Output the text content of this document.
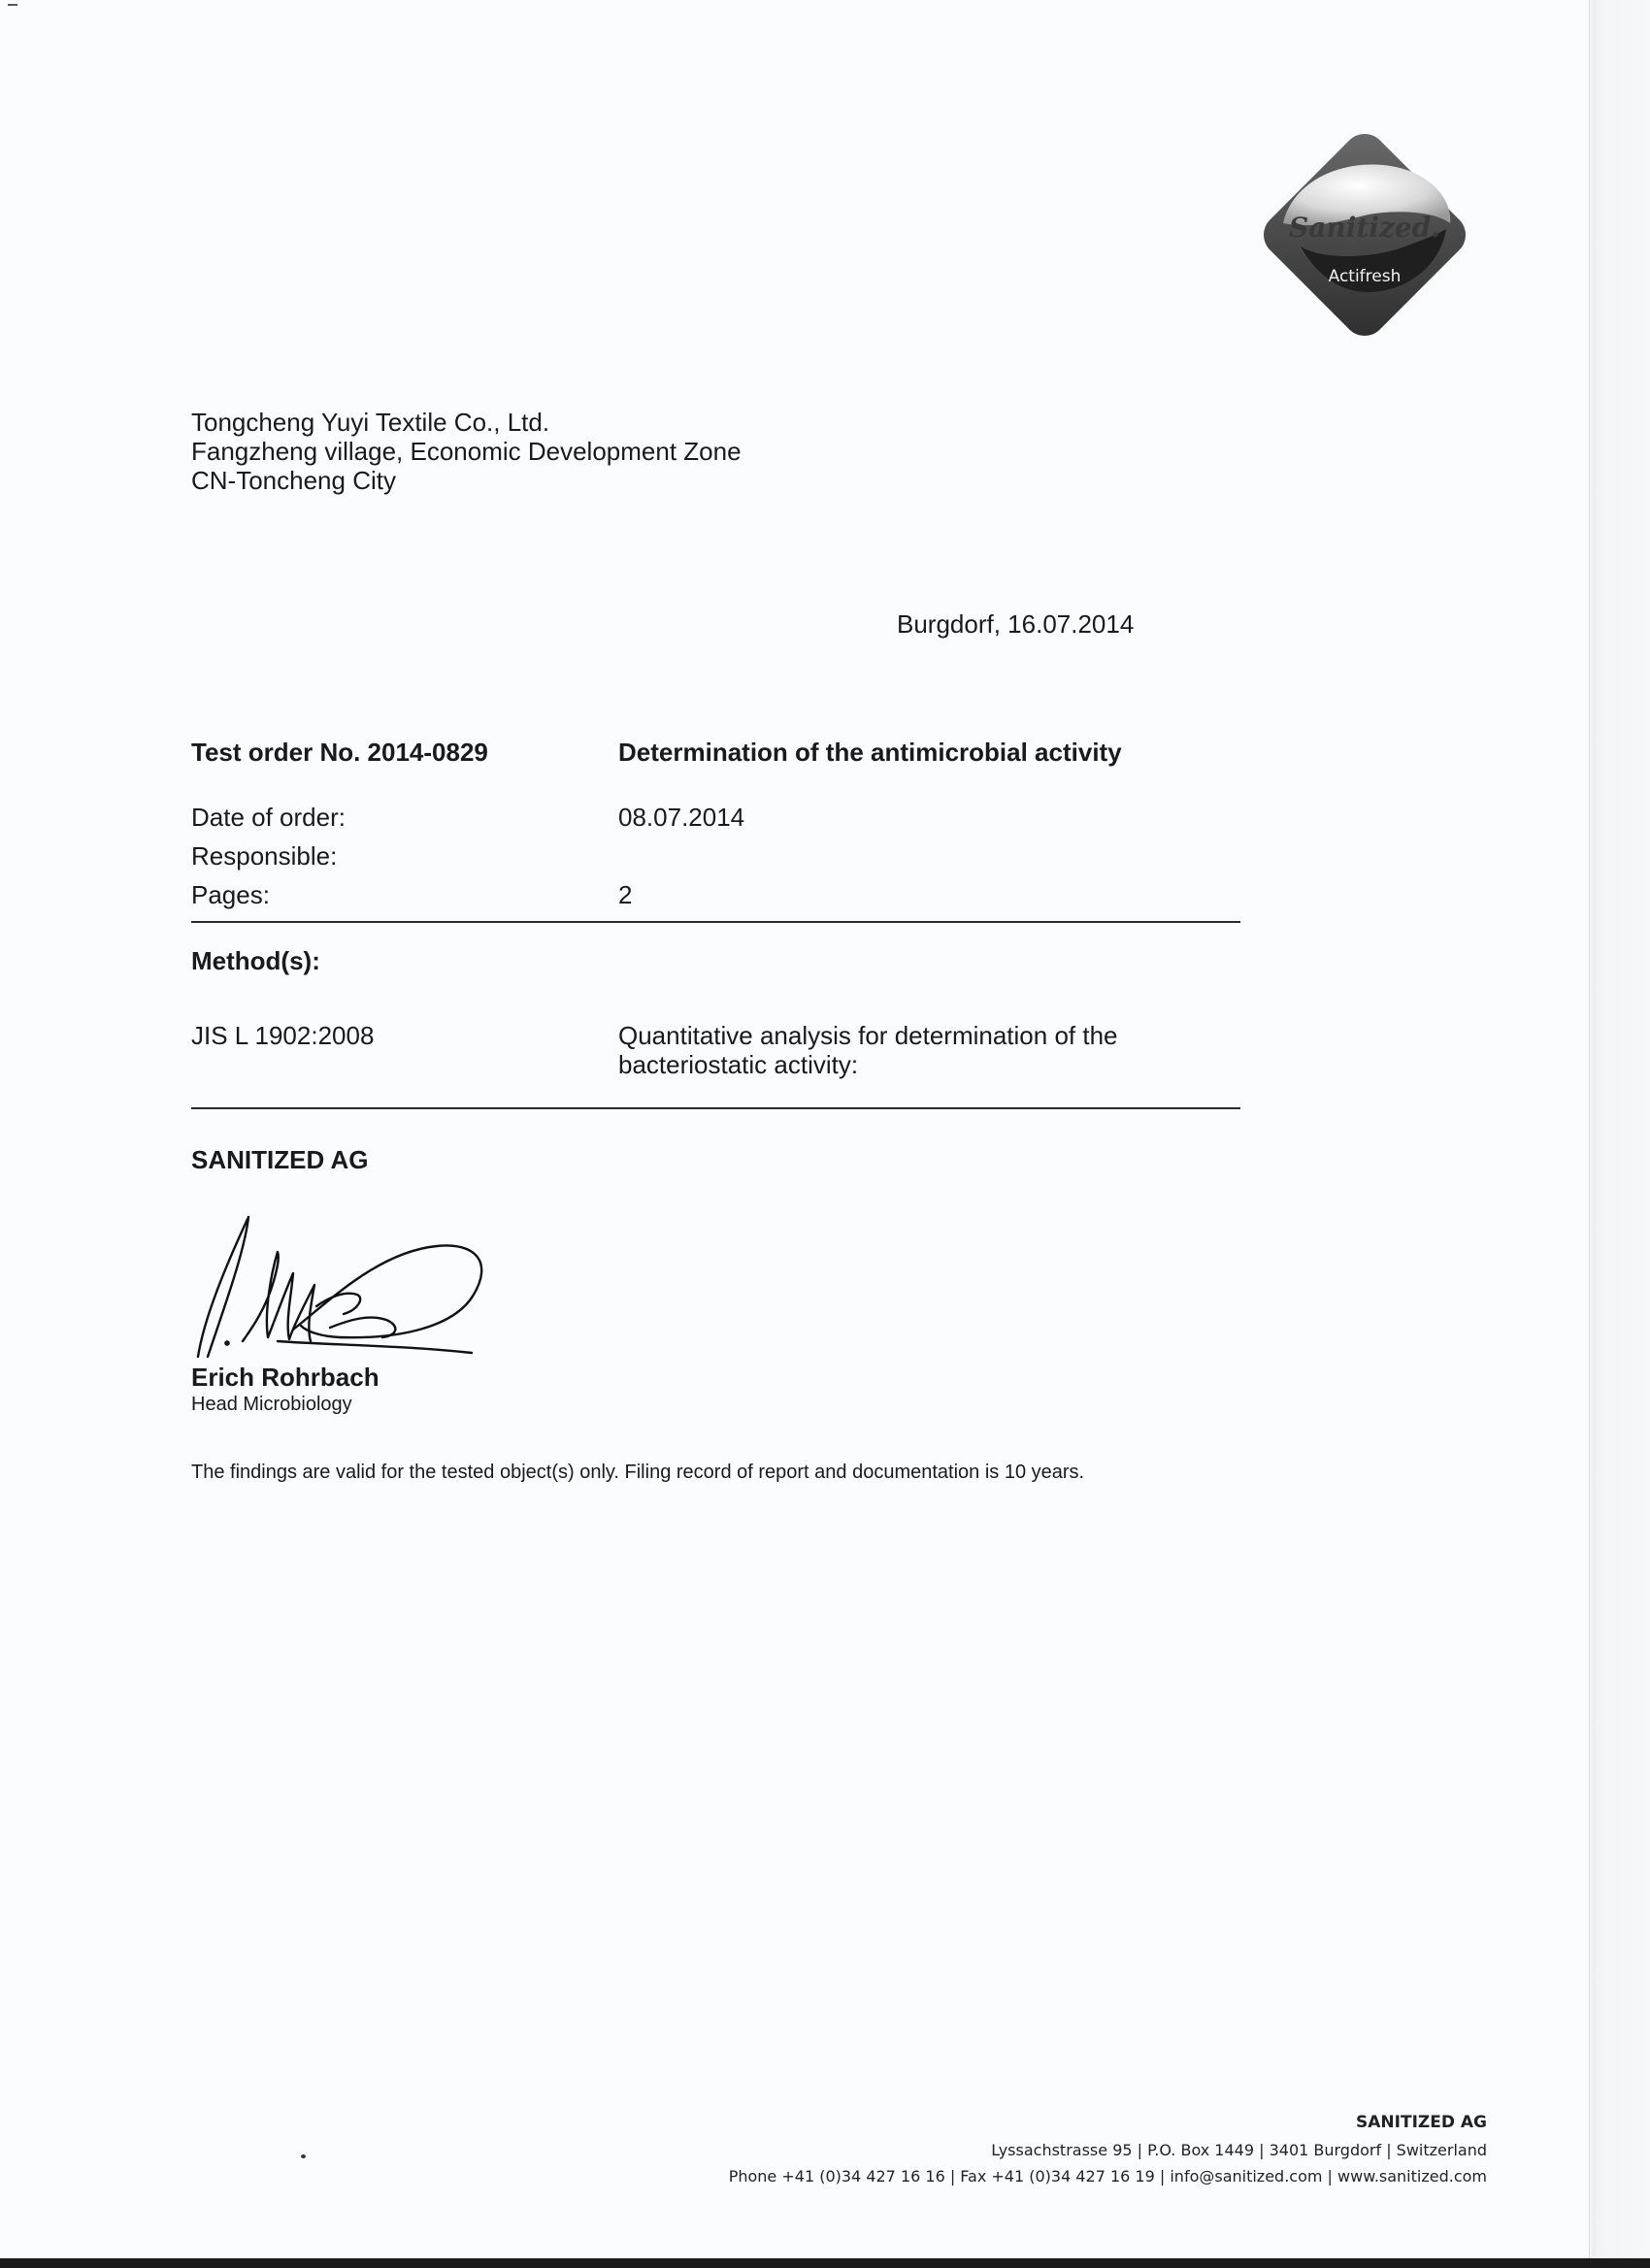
Sanitized.
Actifresh
Tongcheng Yuyi Textile Co., Ltd.
Fangzheng village, Economic Development Zone
CN-Toncheng City
Burgdorf, 16.07.2014
Test order No. 2014-0829	Determination of the antimicrobial activity
Date of order:	08.07.2014
Responsible:
Pages:	2
Method(s):
JIS L 1902:2008	Quantitative analysis for determination of the bacteriostatic activity:
SANITIZED AG
Erich Rohrbach
Head Microbiology
The findings are valid for the tested object(s) only. Filing record of report and documentation is 10 years.
SANITIZED AG
Lyssachstrasse 95 | P.O. Box 1449 | 3401 Burgdorf | Switzerland
Phone +41 (0)34 427 16 16 | Fax +41 (0)34 427 16 19 | info@sanitized.com | www.sanitized.com
